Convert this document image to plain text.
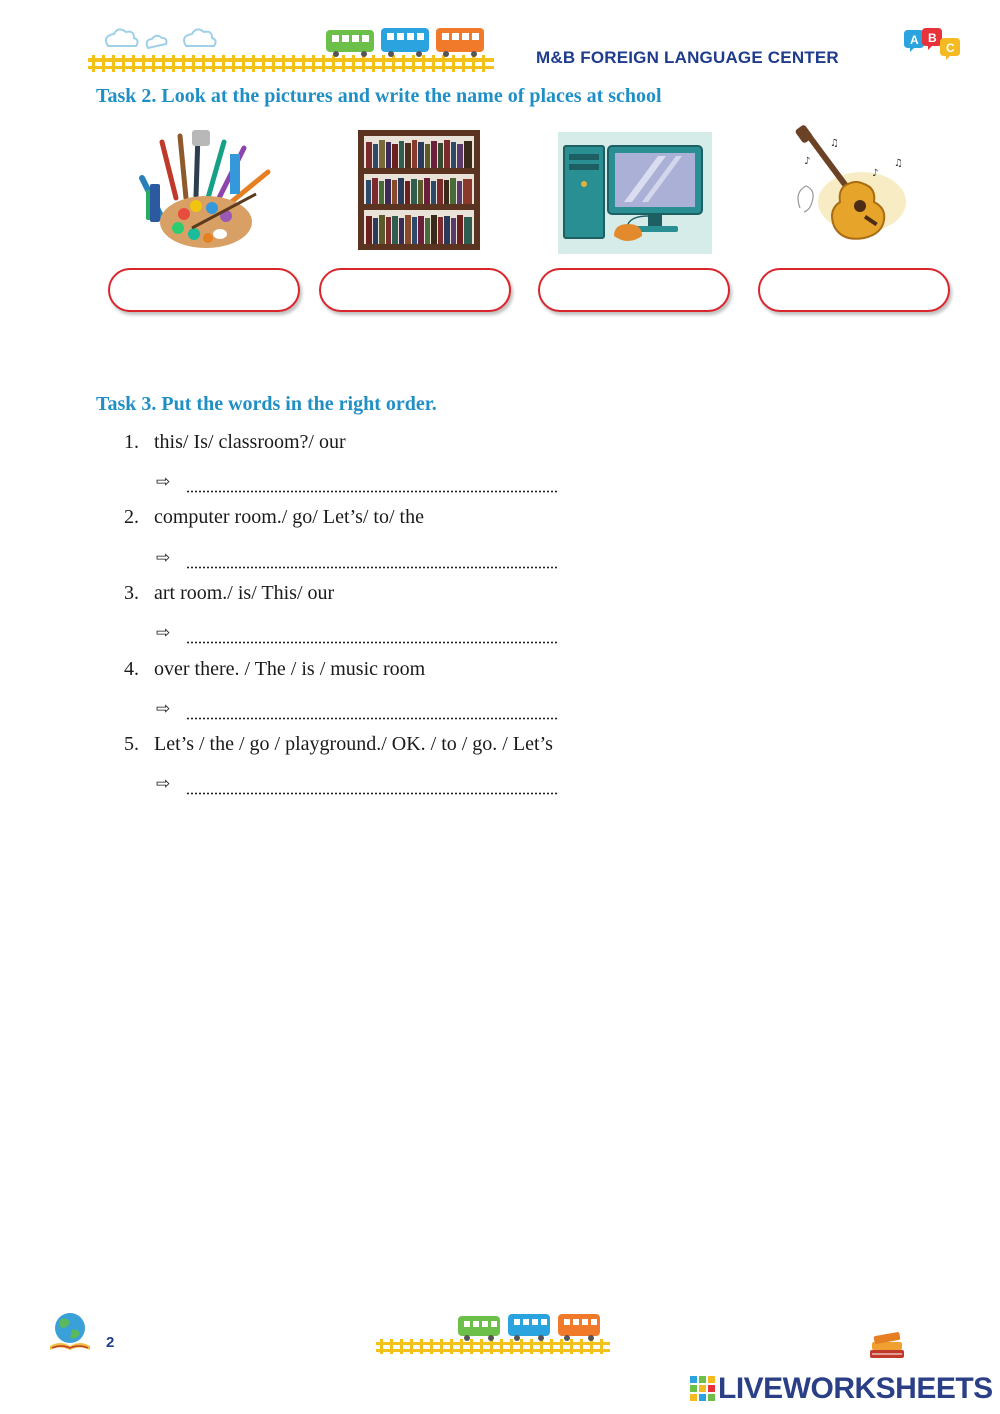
M&B FOREIGN LANGUAGE CENTER
A B
C
Task 2. Look at the pictures and write the name of places at school
♪
♫
♪
♫
Task 3. Put the words in the right order.
1. this/ Is/ classroom?/ our
⇨
2. computer room./ go/ Let’s/ to/ the
⇨
3. art room./ is/ This/ our
⇨
4. over there. / The / is / music room
⇨
5. Let’s / the / go / playground./ OK. / to / go. / Let’s
⇨
2
LIVEWORKSHEETS
